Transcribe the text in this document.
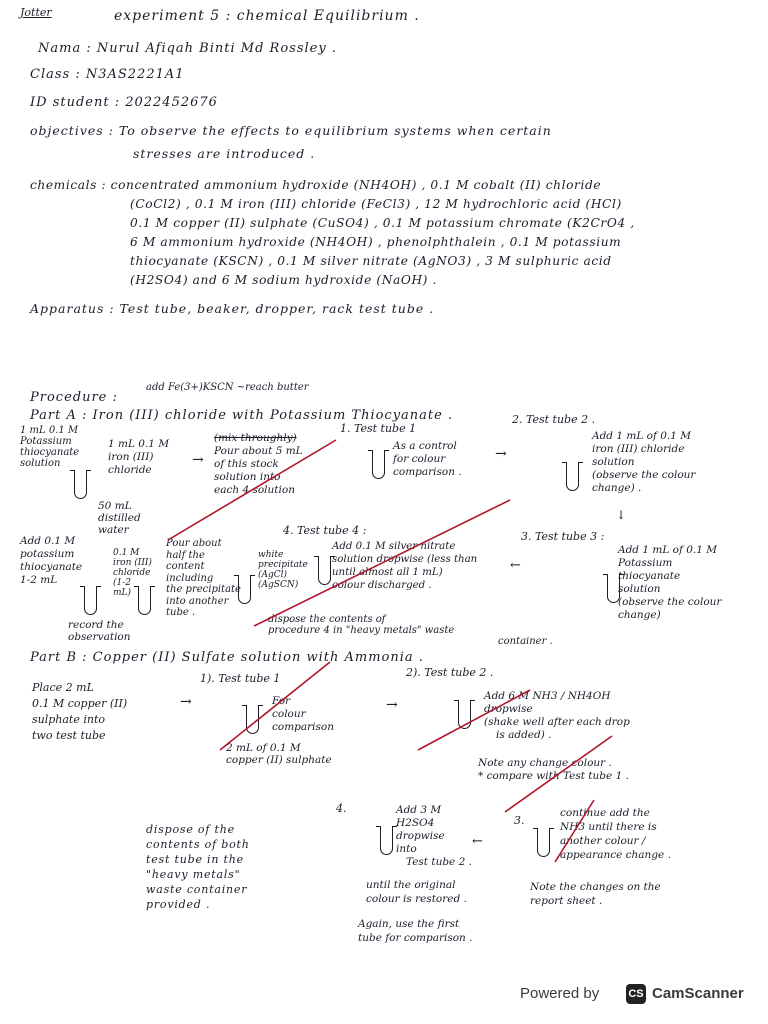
Jotter	experiment 5 : chemical Equilibrium .
Nama : Nurul Afiqah Binti Md Rossley .
Class : N3AS2221A1
ID student : 2022452676
objectives : To observe the effects to equilibrium systems when certain
stresses are introduced .
chemicals : concentrated ammonium hydroxide (NH4OH) , 0.1 M cobalt (II) chloride
(CoCl2) , 0.1 M iron (III) chloride (FeCl3) , 12 M hydrochloric acid (HCl)
0.1 M copper (II) sulphate (CuSO4) , 0.1 M potassium chromate (K2CrO4 ,
6 M ammonium hydroxide (NH4OH) , phenolphthalein , 0.1 M potassium
thiocyanate (KSCN) , 0.1 M silver nitrate (AgNO3) , 3 M sulphuric acid
(H2SO4) and 6 M sodium hydroxide (NaOH) .
Apparatus : Test tube, beaker, dropper, rack test tube .
Procedure :
add Fe(3+)KSCN ~reach butter
Part A : Iron (III) chloride with Potassium Thiocyanate .
1 mL 0.1 M
Potassium
thiocyanate
solution
1 mL 0.1 M
iron (III)
chloride
50 mL
distilled
water
→
(mix throughly)
Pour about 5 mL
of this stock
solution into
each 4 solution
1. Test tube 1
As a control
for colour
comparison .
→
2. Test tube 2 .
Add 1 mL of 0.1 M
iron (III) chloride
solution
(observe the colour
change) .
↓
3. Test tube 3 :
Add 1 mL of 0.1 M
Potassium
thiocyanate
solution
(observe the colour
change)
4. Test tube 4 :
Add 0.1 M silver nitrate
solution dropwise (less than
until almost all 1 mL)
colour discharged .
←
white
precipitate
(AgCl)
(AgSCN)
Add 0.1 M
potassium
thiocyanate
1-2 mL
0.1 M
iron (III)
chloride
(1-2
mL)
Pour about
half the
content
including
the precipitate
into another
tube .
record the
observation
dispose the contents of
procedure 4 in "heavy metals" waste
container .
Part B : Copper (II) Sulfate solution with Ammonia .
Place 2 mL
0.1 M copper (II)
sulphate into
two test tube
→
1). Test tube 1
For
colour
comparison
2 mL of 0.1 M
copper (II) sulphate
→
2). Test tube 2 .
Add 6 M NH3 / NH4OH
dropwise
(shake well after each drop
is added) .
Note any change colour .
* compare with Test tube 1 .
3.
continue add the
NH3 until there is
another colour /
appearance change .
Note the changes on the
report sheet .
4.	Add 3 M
H2SO4
dropwise
into
Test tube 2 .
←
until the original
colour is restored .
Again, use the first
tube for comparison .
dispose of the
contents of both
test tube in the
"heavy metals"
waste container
provided .
Powered by	CS CamScanner
